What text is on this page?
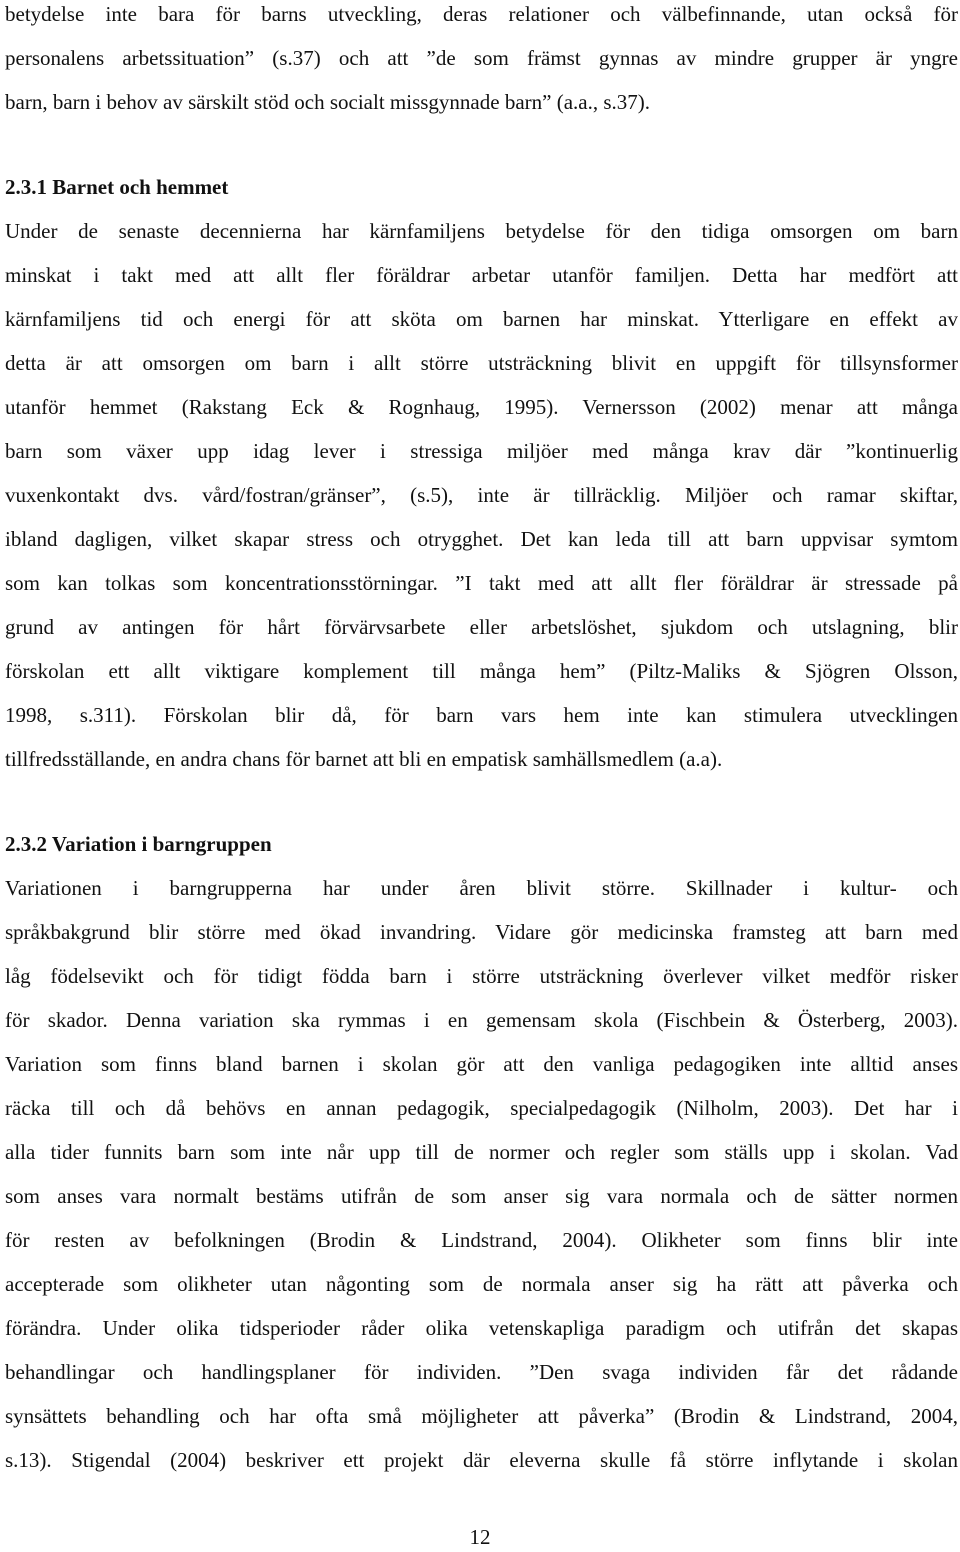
betydelse inte bara för barns utveckling, deras relationer och välbefinnande, utan också för
personalens arbetssituation” (s.37) och att ”de som främst gynnas av mindre grupper är yngre
barn, barn i behov av särskilt stöd och socialt missgynnade barn” (a.a., s.37).
2.3.1 Barnet och hemmet
Under de senaste decennierna har kärnfamiljens betydelse för den tidiga omsorgen om barn
minskat i takt med att allt fler föräldrar arbetar utanför familjen. Detta har medfört att
kärnfamiljens tid och energi för att sköta om barnen har minskat. Ytterligare en effekt av
detta är att omsorgen om barn i allt större utsträckning blivit en uppgift för tillsynsformer
utanför hemmet (Rakstang Eck & Rognhaug, 1995). Vernersson (2002) menar att många
barn som växer upp idag lever i stressiga miljöer med många krav där ”kontinuerlig
vuxenkontakt dvs. vård/fostran/gränser”, (s.5), inte är tillräcklig. Miljöer och ramar skiftar,
ibland dagligen, vilket skapar stress och otrygghet. Det kan leda till att barn uppvisar symtom
som kan tolkas som koncentrationsstörningar. ”I takt med att allt fler föräldrar är stressade på
grund av antingen för hårt förvärvsarbete eller arbetslöshet, sjukdom och utslagning, blir
förskolan ett allt viktigare komplement till många hem” (Piltz-Maliks & Sjögren Olsson,
1998, s.311). Förskolan blir då, för barn vars hem inte kan stimulera utvecklingen
tillfredsställande, en andra chans för barnet att bli en empatisk samhällsmedlem (a.a).
2.3.2 Variation i barngruppen
Variationen i barngrupperna har under åren blivit större. Skillnader i kultur- och
språkbakgrund blir större med ökad invandring. Vidare gör medicinska framsteg att barn med
låg födelsevikt och för tidigt födda barn i större utsträckning överlever vilket medför risker
för skador. Denna variation ska rymmas i en gemensam skola (Fischbein & Österberg, 2003).
Variation som finns bland barnen i skolan gör att den vanliga pedagogiken inte alltid anses
räcka till och då behövs en annan pedagogik, specialpedagogik (Nilholm, 2003). Det har i
alla tider funnits barn som inte når upp till de normer och regler som ställs upp i skolan. Vad
som anses vara normalt bestäms utifrån de som anser sig vara normala och de sätter normen
för resten av befolkningen (Brodin & Lindstrand, 2004). Olikheter som finns blir inte
accepterade som olikheter utan någonting som de normala anser sig ha rätt att påverka och
förändra. Under olika tidsperioder råder olika vetenskapliga paradigm och utifrån det skapas
behandlingar och handlingsplaner för individen. ”Den svaga individen får det rådande
synsättets behandling och har ofta små möjligheter att påverka” (Brodin & Lindstrand, 2004,
s.13). Stigendal (2004) beskriver ett projekt där eleverna skulle få större inflytande i skolan
12
